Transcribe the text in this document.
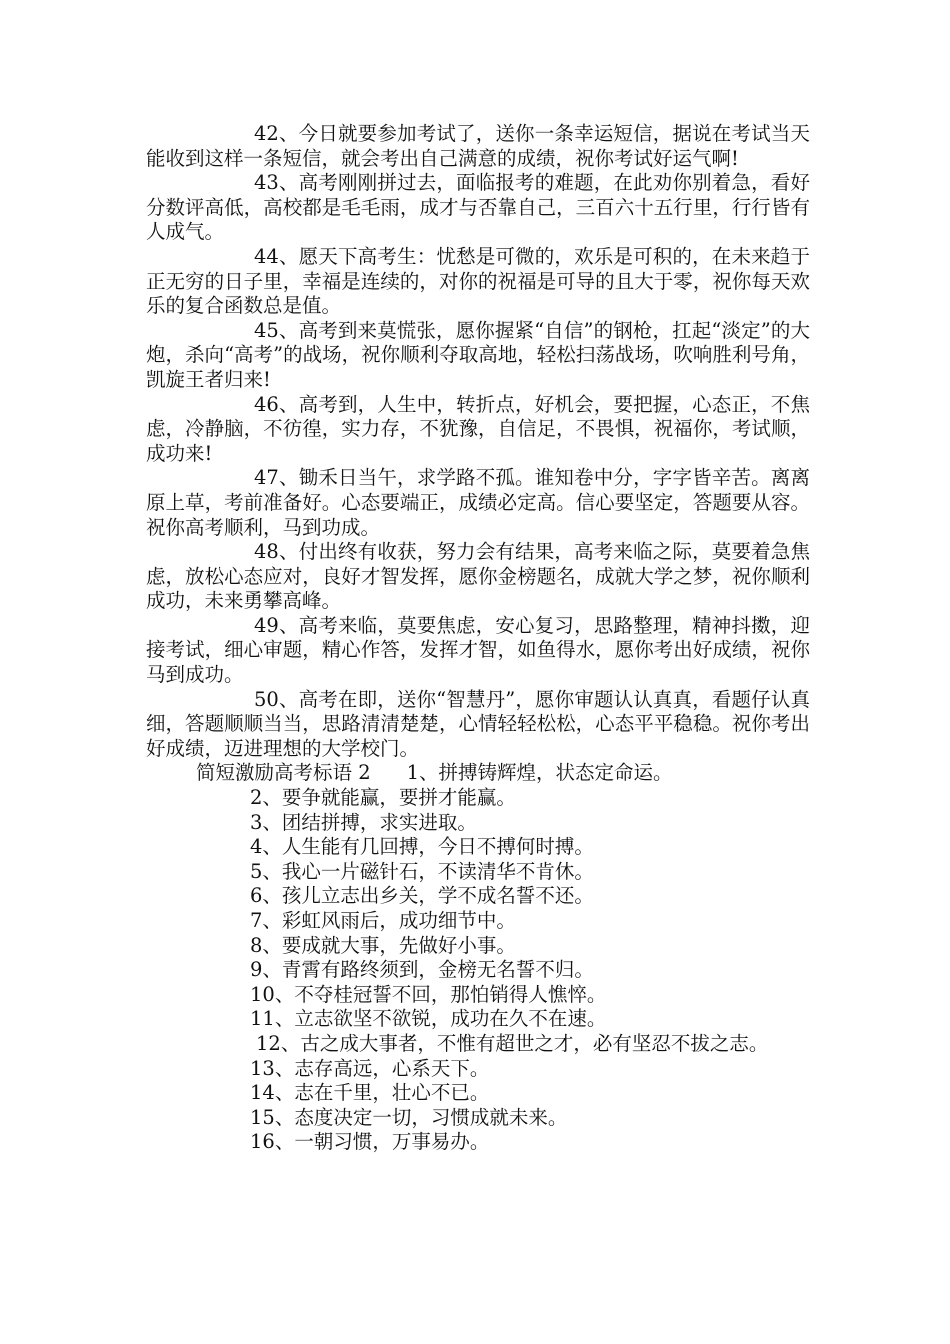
42、今日就要参加考试了，送你一条幸运短信，据说在考试当天能收到这样一条短信，就会考出自己满意的成绩，祝你考试好运气啊!

43、高考刚刚拼过去，面临报考的难题，在此劝你别着急，看好分数评高低，高校都是毛毛雨，成才与否靠自己，三百六十五行里，行行皆有人成气。

44、愿天下高考生：忧愁是可微的，欢乐是可积的，在未来趋于正无穷的日子里，幸福是连续的，对你的祝福是可导的且大于零，祝你每天欢乐的复合函数总是值。

45、高考到来莫慌张，愿你握紧“自信”的钢枪，扛起“淡定”的大炮，杀向“高考”的战场，祝你顺利夺取高地，轻松扫荡战场，吹响胜利号角，凯旋王者归来!

46、高考到，人生中，转折点，好机会，要把握，心态正，不焦虑，冷静脑，不彷徨，实力存，不犹豫，自信足，不畏惧，祝福你，考试顺，成功来!

47、锄禾日当午，求学路不孤。谁知卷中分，字字皆辛苦。离离原上草，考前准备好。心态要端正，成绩必定高。信心要坚定，答题要从容。祝你高考顺利，马到功成。

48、付出终有收获，努力会有结果，高考来临之际，莫要着急焦虑，放松心态应对，良好才智发挥，愿你金榜题名，成就大学之梦，祝你顺利成功，未来勇攀高峰。

49、高考来临，莫要焦虑，安心复习，思路整理，精神抖擞，迎接考试，细心审题，精心作答，发挥才智，如鱼得水，愿你考出好成绩，祝你马到成功。

50、高考在即，送你“智慧丹”，愿你审题认认真真，看题仔认真细，答题顺顺当当，思路清清楚楚，心情轻轻松松，心态平平稳稳。祝你考出好成绩，迈进理想的大学校门。

简短激励高考标语 2 1、拼搏铸辉煌，状态定命运。

2、要争就能赢，要拼才能赢。

3、团结拼搏，求实进取。

4、人生能有几回搏，今日不搏何时搏。

5、我心一片磁针石，不读清华不肯休。

6、孩儿立志出乡关，学不成名誓不还。

7、彩虹风雨后，成功细节中。

8、要成就大事，先做好小事。

9、青霄有路终须到，金榜无名誓不归。

10、不夺桂冠誓不回，那怕销得人憔悴。

11、立志欲坚不欲锐，成功在久不在速。

12、古之成大事者，不惟有超世之才，必有坚忍不拔之志。

13、志存高远，心系天下。

14、志在千里，壮心不已。

15、态度决定一切，习惯成就未来。

16、一朝习惯，万事易办。
